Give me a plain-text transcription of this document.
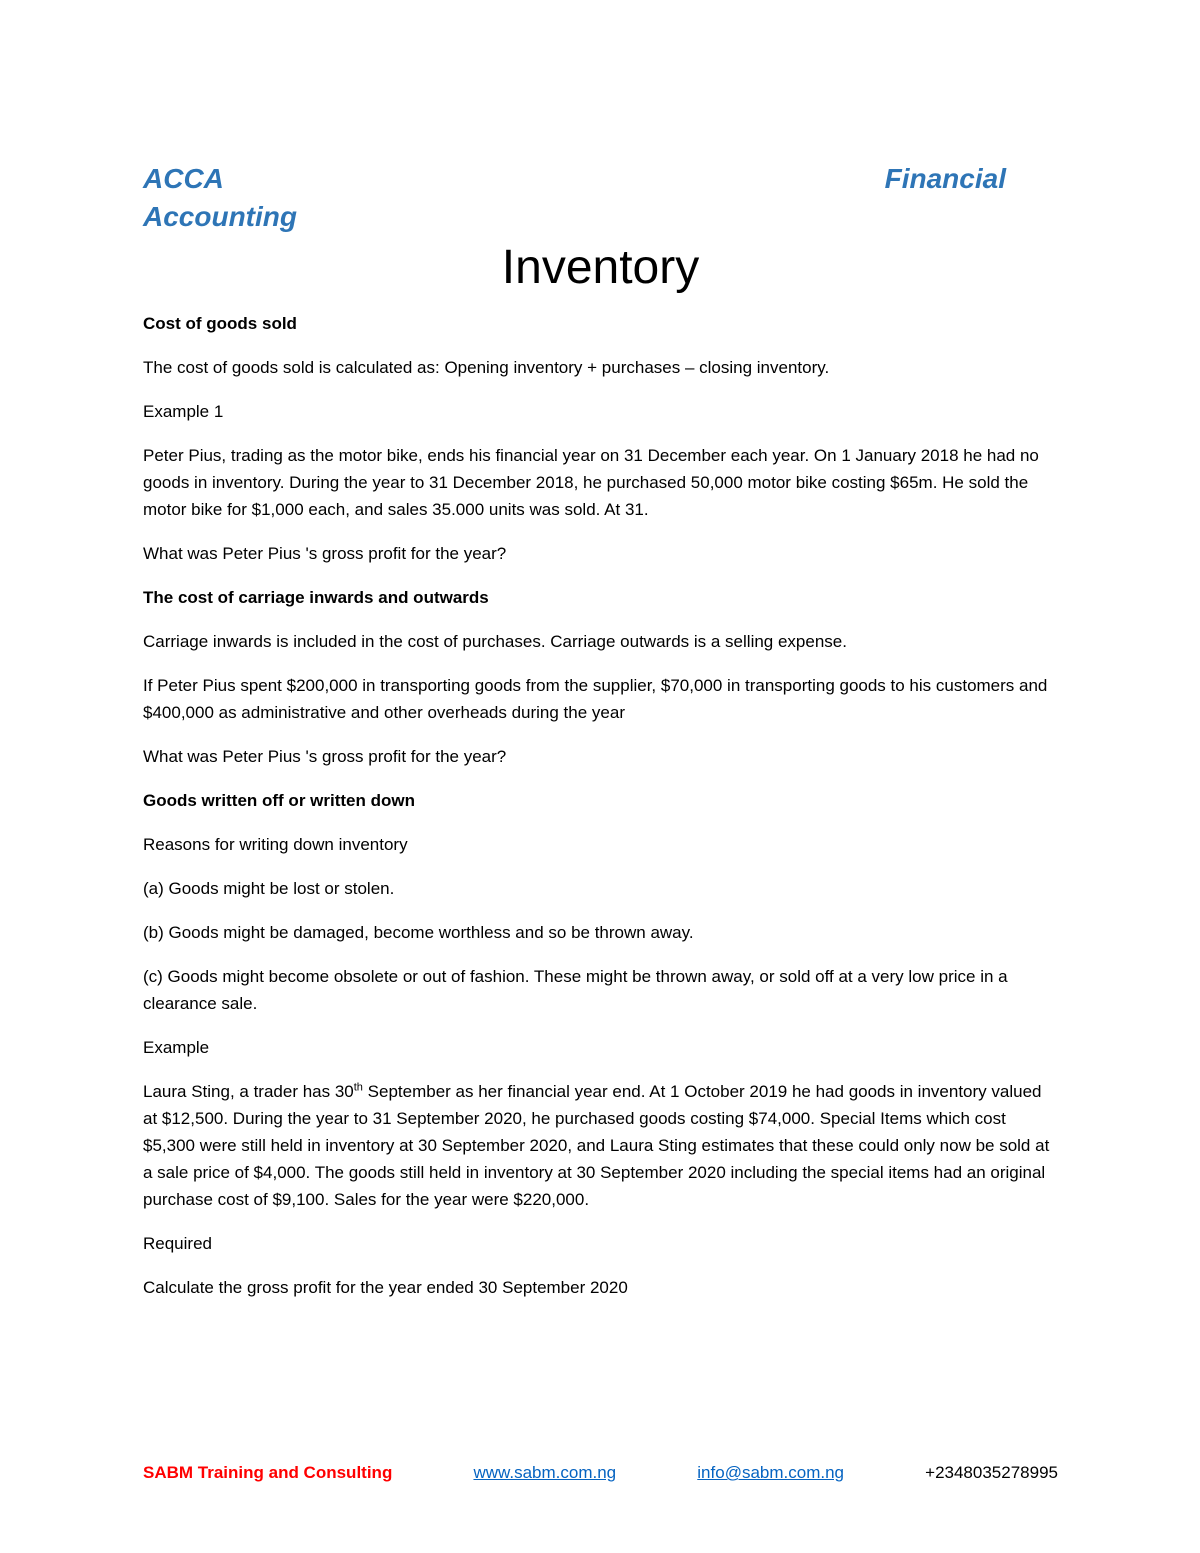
ACCA	Financial
Accounting
Inventory

Cost of goods sold

The cost of goods sold is calculated as: Opening inventory + purchases – closing inventory.

Example 1

Peter Pius, trading as the motor bike, ends his financial year on 31 December each year. On 1 January 2018 he had no goods in inventory. During the year to 31 December 2018, he purchased 50,000 motor bike costing $65m. He sold the motor bike for $1,000 each, and sales 35.000 units was sold. At 31.

What was Peter Pius 's gross profit for the year?

The cost of carriage inwards and outwards

Carriage inwards is included in the cost of purchases. Carriage outwards is a selling expense.

If Peter Pius spent $200,000 in transporting goods from the supplier, $70,000 in transporting goods to his customers and $400,000 as administrative and other overheads during the year

What was Peter Pius 's gross profit for the year?

Goods written off or written down

Reasons for writing down inventory

(a) Goods might be lost or stolen.

(b) Goods might be damaged, become worthless and so be thrown away.

(c) Goods might become obsolete or out of fashion. These might be thrown away, or sold off at a very low price in a clearance sale.

Example

Laura Sting, a trader has 30th September as her financial year end. At 1 October 2019 he had goods in inventory valued at $12,500. During the year to 31 September 2020, he purchased goods costing $74,000. Special Items which cost $5,300 were still held in inventory at 30 September 2020, and Laura Sting estimates that these could only now be sold at a sale price of $4,000. The goods still held in inventory at 30 September 2020 including the special items had an original purchase cost of $9,100. Sales for the year were $220,000.

Required

Calculate the gross profit for the year ended 30 September 2020

SABM Training and Consulting	www.sabm.com.ng	info@sabm.com.ng	+2348035278995
